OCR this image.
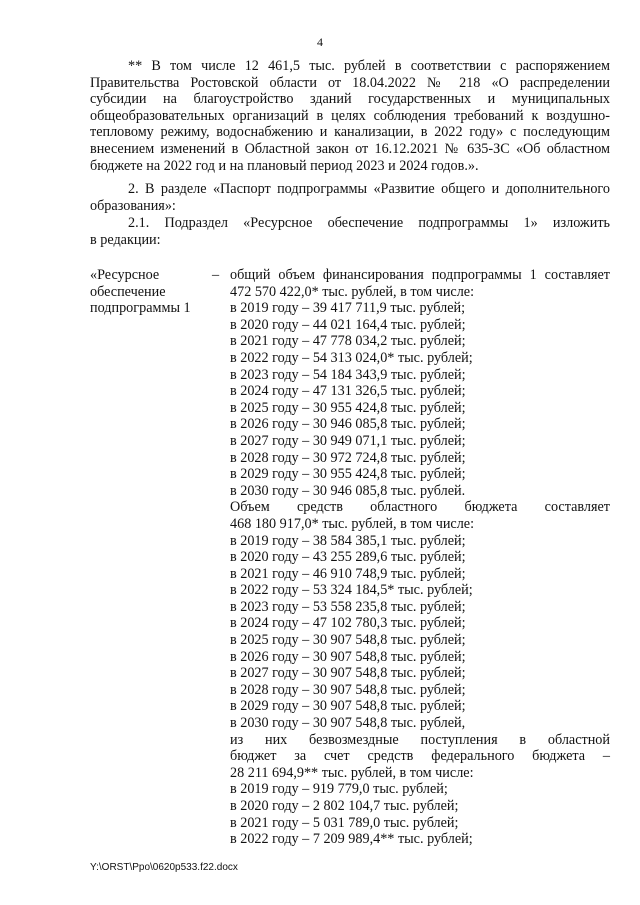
4
** В том числе 12 461,5 тыс. рублей в соответствии с распоряжением
Правительства Ростовской области от 18.04.2022 № 218 «О распределении
субсидии на благоустройство зданий государственных и муниципальных
общеобразовательных организаций в целях соблюдения требований к воздушно-
тепловому режиму, водоснабжению и канализации, в 2022 году» с последующим
внесением изменений в Областной закон от 16.12.2021 № 635-ЗС «Об областном
бюджете на 2022 год и на плановый период 2023 и 2024 годов.».
2. В разделе «Паспорт подпрограммы «Развитие общего и дополнительного
образования»:
2.1. Подраздел «Ресурсное обеспечение подпрограммы 1» изложить
в редакции:
«Ресурсное
обеспечение
подпрограммы 1
– общий объем финансирования подпрограммы 1 составляет
472 570 422,0* тыс. рублей, в том числе:
в 2019 году – 39 417 711,9 тыс. рублей;
в 2020 году – 44 021 164,4 тыс. рублей;
в 2021 году – 47 778 034,2 тыс. рублей;
в 2022 году – 54 313 024,0* тыс. рублей;
в 2023 году – 54 184 343,9 тыс. рублей;
в 2024 году – 47 131 326,5 тыс. рублей;
в 2025 году – 30 955 424,8 тыс. рублей;
в 2026 году – 30 946 085,8 тыс. рублей;
в 2027 году – 30 949 071,1 тыс. рублей;
в 2028 году – 30 972 724,8 тыс. рублей;
в 2029 году – 30 955 424,8 тыс. рублей;
в 2030 году – 30 946 085,8 тыс. рублей.
Объем средств областного бюджета составляет
468 180 917,0* тыс. рублей, в том числе:
в 2019 году – 38 584 385,1 тыс. рублей;
в 2020 году – 43 255 289,6 тыс. рублей;
в 2021 году – 46 910 748,9 тыс. рублей;
в 2022 году – 53 324 184,5* тыс. рублей;
в 2023 году – 53 558 235,8 тыс. рублей;
в 2024 году – 47 102 780,3 тыс. рублей;
в 2025 году – 30 907 548,8 тыс. рублей;
в 2026 году – 30 907 548,8 тыс. рублей;
в 2027 году – 30 907 548,8 тыс. рублей;
в 2028 году – 30 907 548,8 тыс. рублей;
в 2029 году – 30 907 548,8 тыс. рублей;
в 2030 году – 30 907 548,8 тыс. рублей,
из них безвозмездные поступления в областной
бюджет за счет средств федерального бюджета –
28 211 694,9** тыс. рублей, в том числе:
в 2019 году – 919 779,0 тыс. рублей;
в 2020 году – 2 802 104,7 тыс. рублей;
в 2021 году – 5 031 789,0 тыс. рублей;
в 2022 году – 7 209 989,4** тыс. рублей;
Y:\ORST\Ppo\0620p533.f22.docx
